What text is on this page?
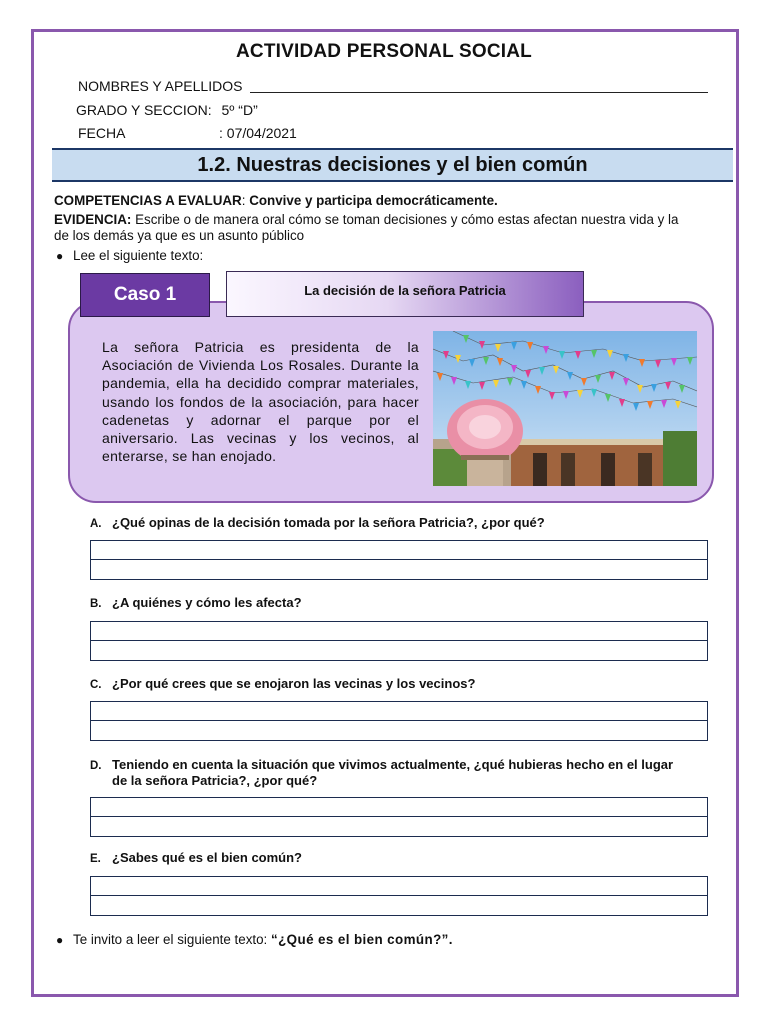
ACTIVIDAD PERSONAL SOCIAL
NOMBRES Y APELLIDOS
GRADO Y SECCION: 5º “D”
FECHA	: 07/04/2021
1.2. Nuestras decisiones y el bien común
COMPETENCIAS A EVALUAR: Convive y participa democráticamente.
EVIDENCIA: Escribe o de manera oral cómo se toman decisiones y cómo estas afectan nuestra vida y la
de los demás ya que es un asunto público
● Lee el siguiente texto:
Caso 1	La decisión de la señora Patricia
La señora Patricia es presidenta de la Asociación de Vivienda Los Rosales. Durante la pandemia, ella ha decidido comprar materiales, usando los fondos de la asociación, para hacer cadenetas y adornar el parque por el aniversario. Las vecinas y los vecinos, al enterarse, se han enojado.
A. ¿Qué opinas de la decisión tomada por la señora Patricia?, ¿por qué?
B. ¿A quiénes y cómo les afecta?
C. ¿Por qué crees que se enojaron las vecinas y los vecinos?
D. Teniendo en cuenta la situación que vivimos actualmente, ¿qué hubieras hecho en el lugar
de la señora Patricia?, ¿por qué?
E. ¿Sabes qué es el bien común?
● Te invito a leer el siguiente texto: “¿Qué es el bien común?”.
